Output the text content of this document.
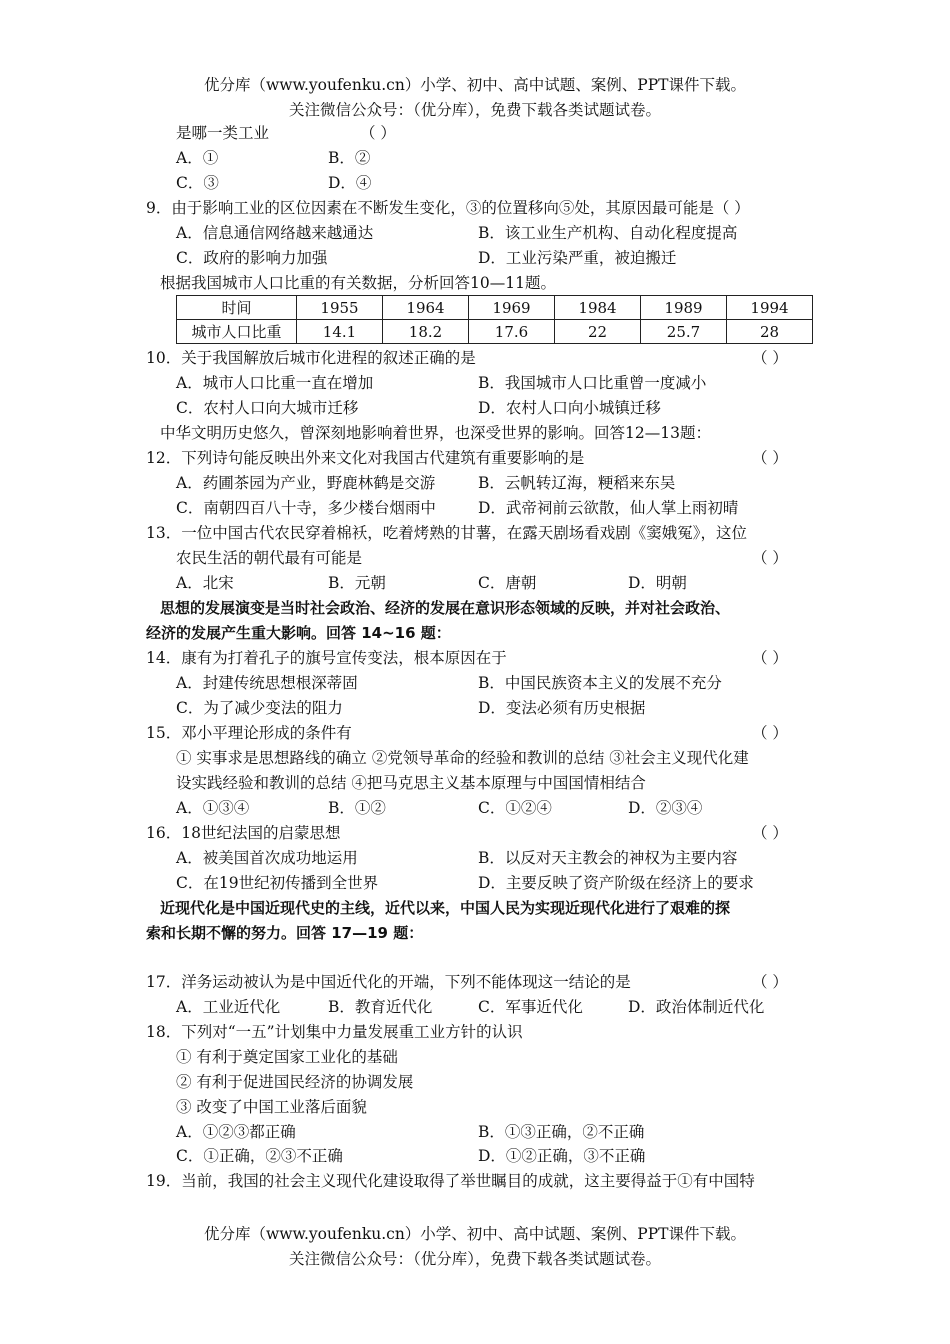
优分库（www.youfenku.cn）小学、初中、高中试题、案例、PPT课件下载。
关注微信公众号：（优分库），免费下载各类试题试卷。
是哪一类工业	（ ）
A．①	B．②
C．③	D．④
9．由于影响工业的区位因素在不断发生变化，③的位置移向⑤处，其原因最可能是（ ）
A．信息通信网络越来越通达	B．该工业生产机构、自动化程度提高
C．政府的影响力加强	D．工业污染严重，被迫搬迁
根据我国城市人口比重的有关数据，分析回答10—11题。
时间	1955	1964	1969	1984	1989	1994
城市人口比重	14.1	18.2	17.6	22	25.7	28
10．关于我国解放后城市化进程的叙述正确的是	（ ）
A．城市人口比重一直在增加	B．我国城市人口比重曾一度减小
C．农村人口向大城市迁移	D．农村人口向小城镇迁移
中华文明历史悠久，曾深刻地影响着世界，也深受世界的影响。回答12—13题：
12．下列诗句能反映出外来文化对我国古代建筑有重要影响的是	（ ）
A．药圃茶园为产业，野鹿林鹤是交游	B．云帆转辽海，粳稻来东吴
C．南朝四百八十寺，多少楼台烟雨中	D．武帝祠前云欲散，仙人掌上雨初晴
13．一位中国古代农民穿着棉袄，吃着烤熟的甘薯，在露天剧场看戏剧《窦娥冤》，这位
农民生活的朝代最有可能是	（ ）
A．北宋	B．元朝	C．唐朝	D．明朝
思想的发展演变是当时社会政治、经济的发展在意识形态领域的反映，并对社会政治、
经济的发展产生重大影响。回答 14~16 题：
14．康有为打着孔子的旗号宣传变法，根本原因在于	（ ）
A．封建传统思想根深蒂固	B．中国民族资本主义的发展不充分
C．为了减少变法的阻力	D．变法必须有历史根据
15．邓小平理论形成的条件有	（ ）
① 实事求是思想路线的确立 ②党领导革命的经验和教训的总结 ③社会主义现代化建
设实践经验和教训的总结 ④把马克思主义基本原理与中国国情相结合
A．①③④	B．①②	C．①②④	D．②③④
16．18世纪法国的启蒙思想	（ ）
A．被美国首次成功地运用	B．以反对天主教会的神权为主要内容
C．在19世纪初传播到全世界	D．主要反映了资产阶级在经济上的要求
近现代化是中国近现代史的主线，近代以来，中国人民为实现近现代化进行了艰难的探
索和长期不懈的努力。回答 17—19 题：
17．洋务运动被认为是中国近代化的开端，下列不能体现这一结论的是	（ ）
A．工业近代化	B．教育近代化	C．军事近代化	D．政治体制近代化
18．下列对“一五”计划集中力量发展重工业方针的认识
① 有利于奠定国家工业化的基础
② 有利于促进国民经济的协调发展
③ 改变了中国工业落后面貌
A．①②③都正确	B．①③正确，②不正确
C．①正确，②③不正确	D．①②正确，③不正确
19．当前，我国的社会主义现代化建设取得了举世瞩目的成就，这主要得益于①有中国特
优分库（www.youfenku.cn）小学、初中、高中试题、案例、PPT课件下载。
关注微信公众号：（优分库），免费下载各类试题试卷。
